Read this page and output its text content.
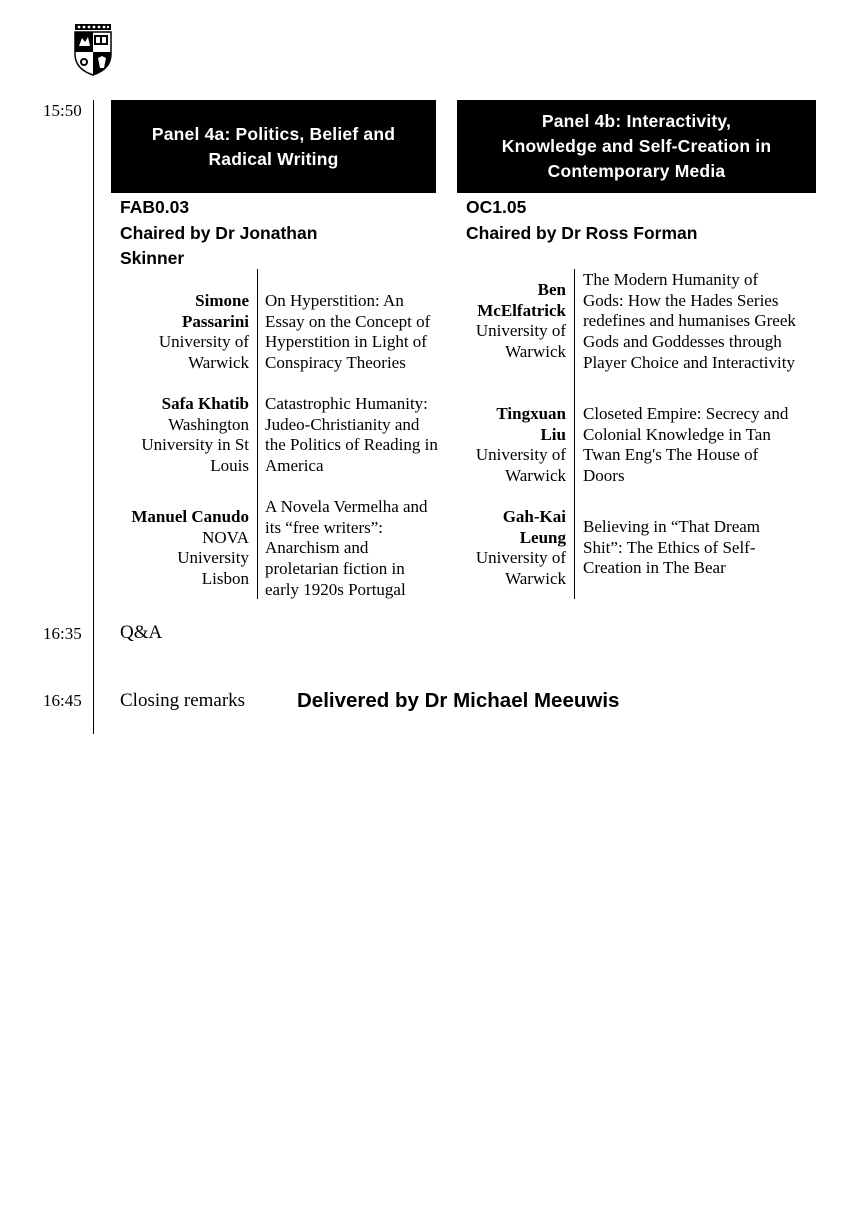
15:50
16:35
16:45
Panel 4a: Politics, Belief and
Radical Writing
FAB0.03
Chaired by Dr Jonathan
Skinner
Simone
Passarini
University of
Warwick
On Hyperstition: An
Essay on the Concept of
Hyperstition in Light of
Conspiracy Theories
Safa Khatib
Washington
University in St
Louis
Catastrophic Humanity:
Judeo-Christianity and
the Politics of Reading in
America
Manuel Canudo
NOVA
University
Lisbon
A Novela Vermelha and
its “free writers”:
Anarchism and
proletarian fiction in
early 1920s Portugal
Panel 4b: Interactivity,
Knowledge and Self-Creation in
Contemporary Media
OC1.05
Chaired by Dr Ross Forman
Ben
McElfatrick
University of
Warwick
The Modern Humanity of
Gods: How the Hades Series
redefines and humanises Greek
Gods and Goddesses through
Player Choice and Interactivity
Tingxuan
Liu
University of
Warwick
Closeted Empire: Secrecy and
Colonial Knowledge in Tan
Twan Eng's The House of
Doors
Gah-Kai
Leung
University of
Warwick
Believing in “That Dream
Shit”: The Ethics of Self-
Creation in The Bear
Q&A
Closing remarks	Delivered by Dr Michael Meeuwis
